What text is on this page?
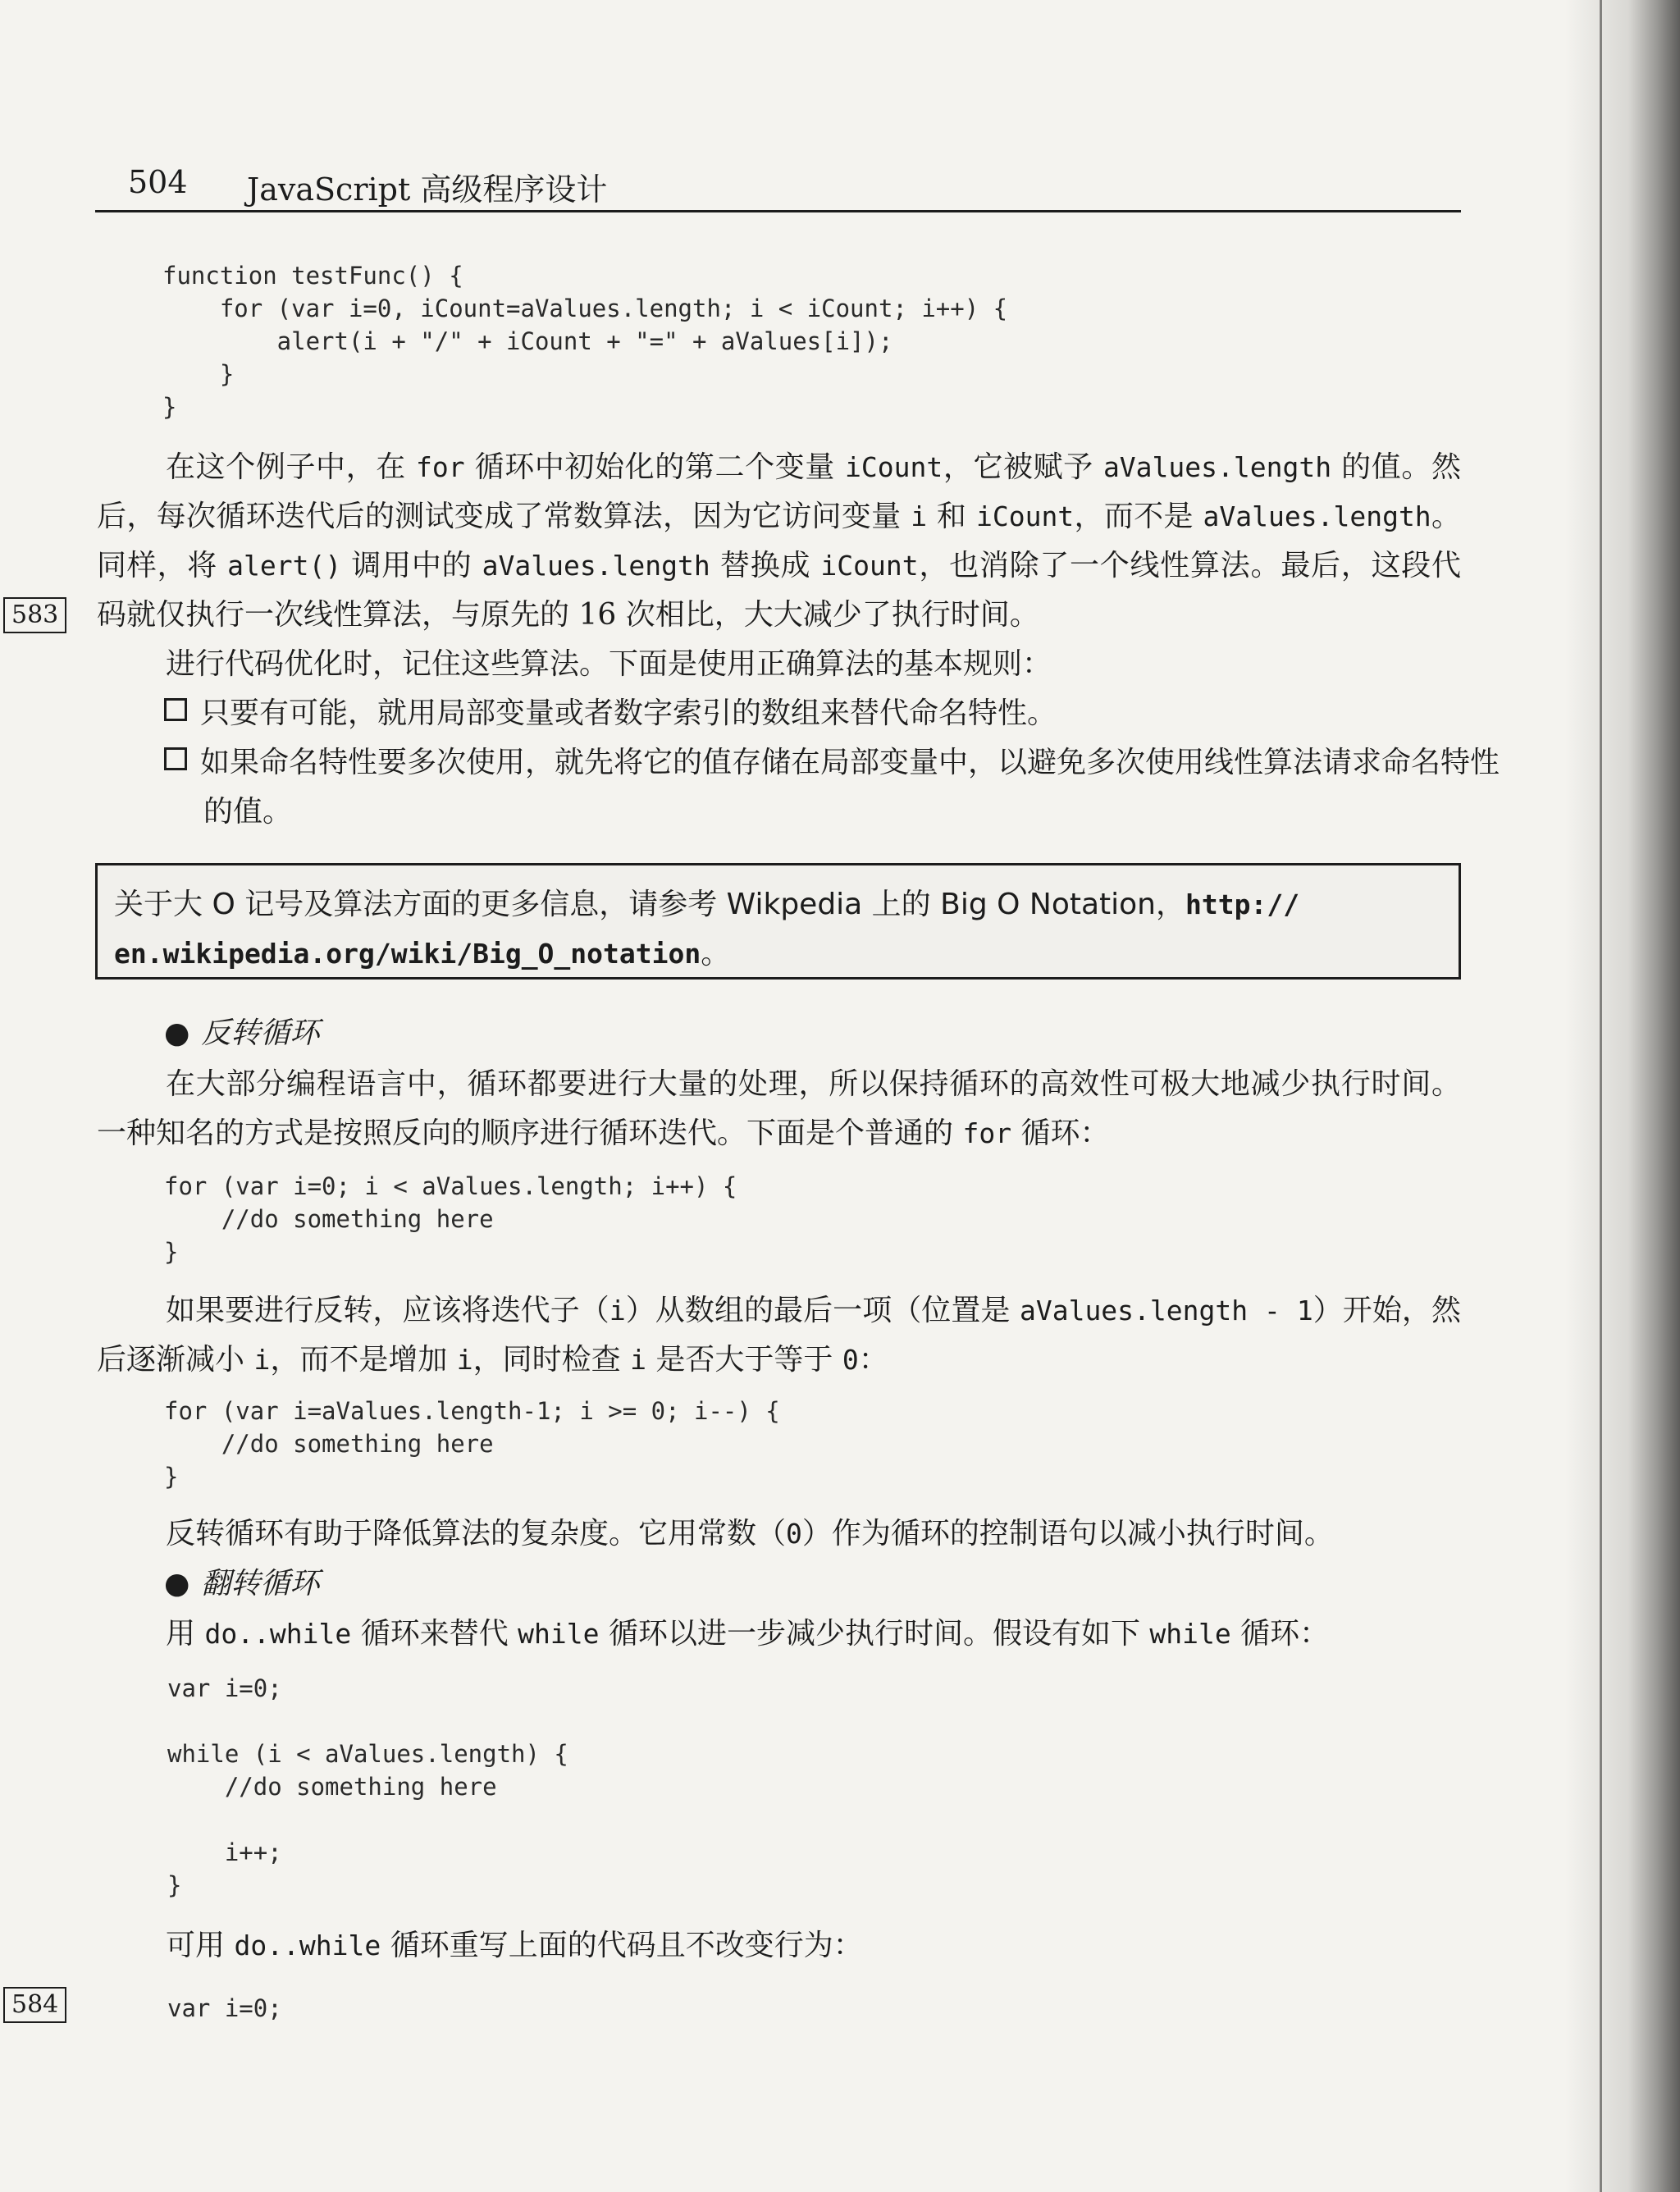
504 JavaScript 高级程序设计
function testFunc() {
for (var i=0, iCount=aValues.length; i < iCount; i++) {
alert(i + "/" + iCount + "=" + aValues[i]);
}
}

在这个例子中，在 for 循环中初始化的第二个变量 iCount，它被赋予 aValues.length 的值。然后，每次循环迭代后的测试变成了常数算法，因为它访问变量 i 和 iCount，而不是 aValues.length。同样，将 alert() 调用中的 aValues.length 替换成 iCount，也消除了一个线性算法。最后，这段代码就仅执行一次线性算法，与原先的 16 次相比，大大减少了执行时间。

583

进行代码优化时，记住这些算法。下面是使用正确算法的基本规则：

只要有可能，就用局部变量或者数字索引的数组来替代命名特性。

如果命名特性要多次使用，就先将它的值存储在局部变量中，以避免多次使用线性算法请求命名特性的值。

关于大 O 记号及算法方面的更多信息，请参考 Wikpedia 上的 Big O Notation，http://
en.wikipedia.org/wiki/Big_O_notation。

● 反转循环

在大部分编程语言中，循环都要进行大量的处理，所以保持循环的高效性可极大地减少执行时间。一种知名的方式是按照反向的顺序进行循环迭代。下面是个普通的 for 循环：

for (var i=0; i < aValues.length; i++) {
//do something here
}

如果要进行反转，应该将迭代子（i）从数组的最后一项（位置是 aValues.length - 1）开始，然后逐渐减小 i，而不是增加 i，同时检查 i 是否大于等于 0：

for (var i=aValues.length-1; i >= 0; i--) {
//do something here
}

反转循环有助于降低算法的复杂度。它用常数（0）作为循环的控制语句以减小执行时间。

● 翻转循环

用 do..while 循环来替代 while 循环以进一步减少执行时间。假设有如下 while 循环：

var i=0;

while (i < aValues.length) {
//do something here

i++;
}

可用 do..while 循环重写上面的代码且不改变行为：

584	var i=0;
